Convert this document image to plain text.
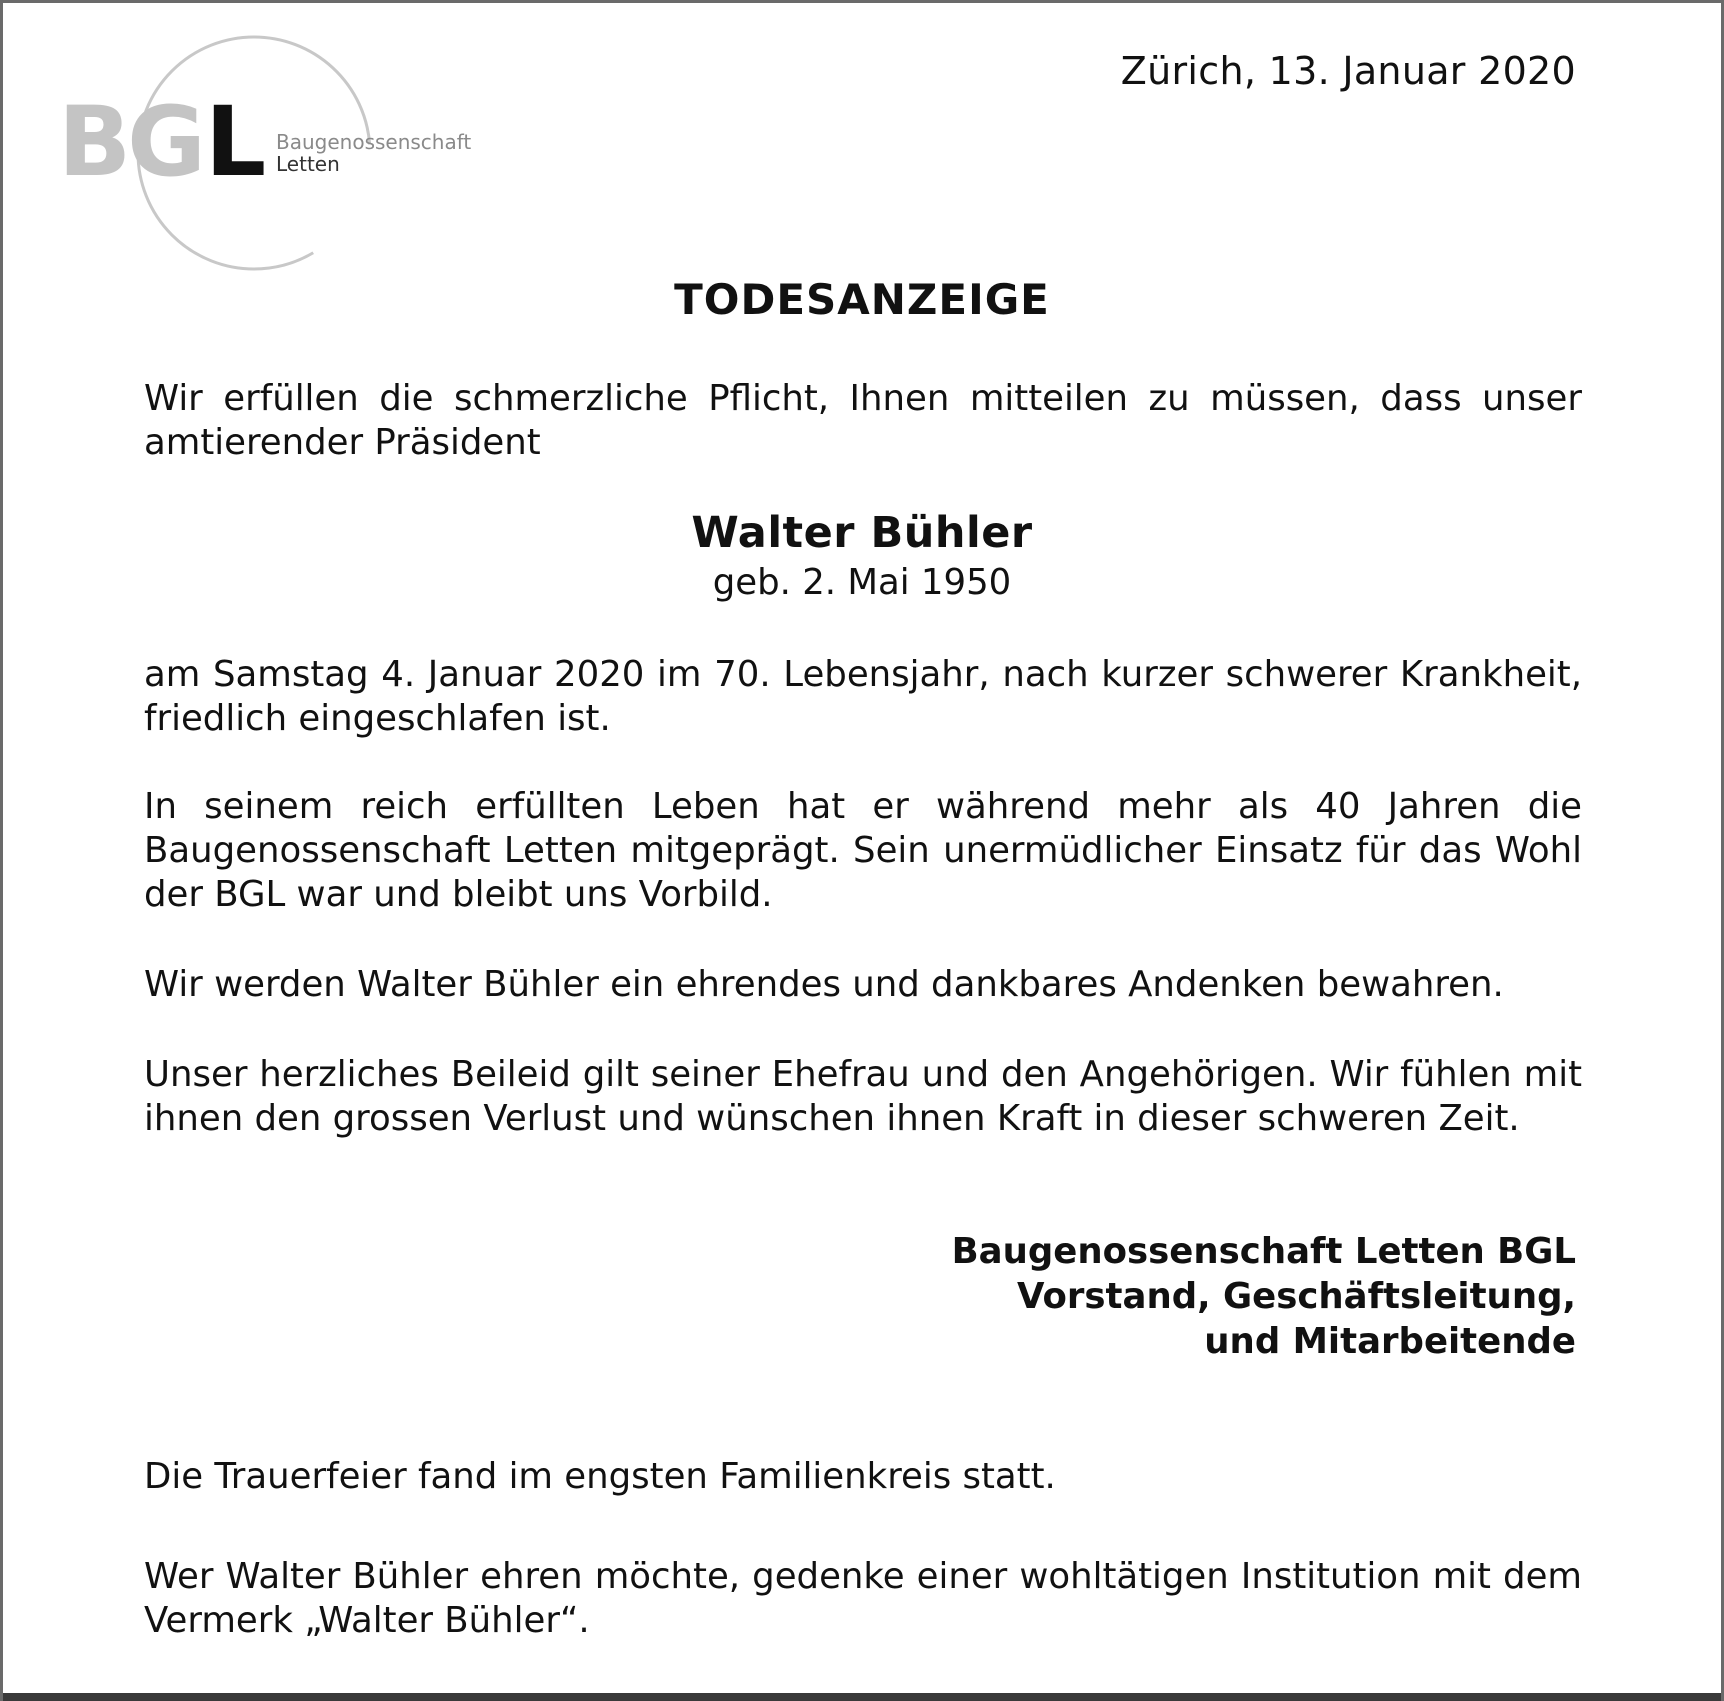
BG L Baugenossenschaft
Letten
Zürich, 13. Januar 2020
TODESANZEIGE
Wir erfüllen die schmerzliche Pflicht, Ihnen mitteilen zu müssen, dass unser amtierender Präsident
Walter Bühler
geb. 2. Mai 1950
am Samstag 4. Januar 2020 im 70. Lebensjahr, nach kurzer schwerer Krankheit, friedlich eingeschlafen ist.
In seinem reich erfüllten Leben hat er während mehr als 40 Jahren die Baugenossenschaft Letten mitgeprägt. Sein unermüdlicher Einsatz für das Wohl der BGL war und bleibt uns Vorbild.
Wir werden Walter Bühler ein ehrendes und dankbares Andenken bewahren.
Unser herzliches Beileid gilt seiner Ehefrau und den Angehörigen. Wir fühlen mit ihnen den grossen Verlust und wünschen ihnen Kraft in dieser schweren Zeit.
Baugenossenschaft Letten BGL
Vorstand, Geschäftsleitung,
und Mitarbeitende
Die Trauerfeier fand im engsten Familienkreis statt.
Wer Walter Bühler ehren möchte, gedenke einer wohltätigen Institution mit dem Vermerk „Walter Bühler“.
